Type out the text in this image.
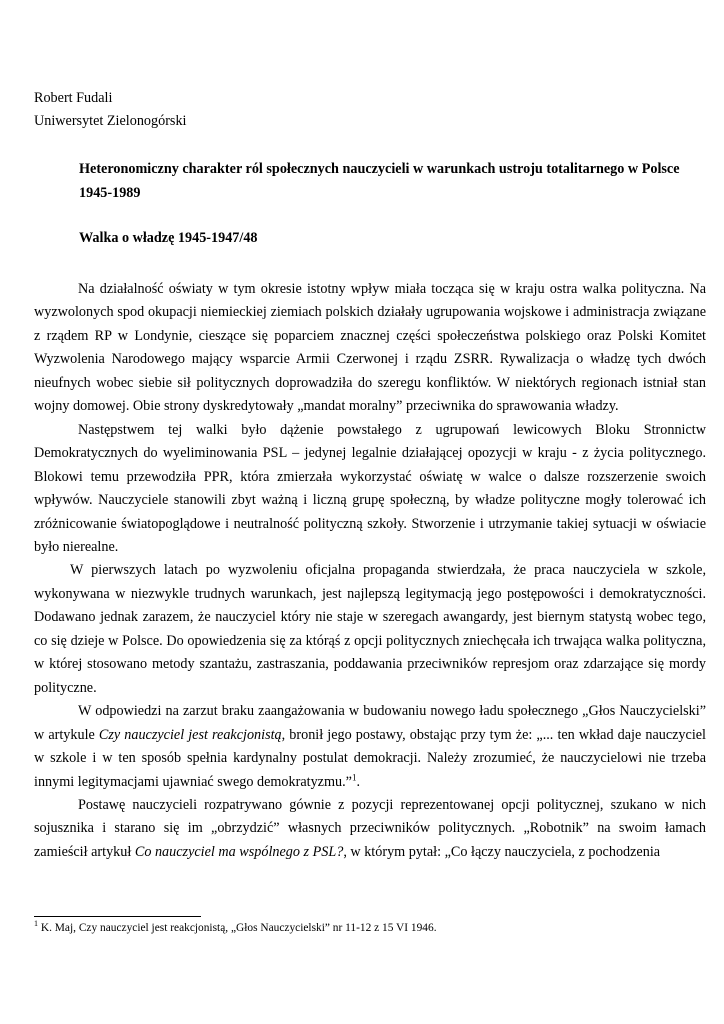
Robert Fudali
Uniwersytet Zielonogórski
Heteronomiczny charakter ról społecznych nauczycieli w warunkach ustroju totalitarnego w Polsce 1945-1989
Walka o władzę 1945-1947/48

Na działalność oświaty w tym okresie istotny wpływ miała tocząca się w kraju ostra walka polityczna. Na wyzwolonych spod okupacji niemieckiej ziemiach polskich działały ugrupowania wojskowe i administracja związane z rządem RP w Londynie, cieszące się poparciem znacznej części społeczeństwa polskiego oraz Polski Komitet Wyzwolenia Narodowego mający wsparcie Armii Czerwonej i rządu ZSRR. Rywalizacja o władzę tych dwóch nieufnych wobec siebie sił politycznych doprowadziła do szeregu konfliktów. W niektórych regionach istniał stan wojny domowej. Obie strony dyskredytowały „mandat moralny” przeciwnika do sprawowania władzy.

Następstwem tej walki było dążenie powstałego z ugrupowań lewicowych Bloku Stronnictw Demokratycznych do wyeliminowania PSL – jedynej legalnie działającej opozycji w kraju - z życia politycznego. Blokowi temu przewodziła PPR, która zmierzała wykorzystać oświatę w walce o dalsze rozszerzenie swoich wpływów. Nauczyciele stanowili zbyt ważną i liczną grupę społeczną, by władze polityczne mogły tolerować ich zróżnicowanie światopoglądowe i neutralność polityczną szkoły. Stworzenie i utrzymanie takiej sytuacji w oświacie było nierealne.

W pierwszych latach po wyzwoleniu oficjalna propaganda stwierdzała, że praca nauczyciela w szkole, wykonywana w niezwykle trudnych warunkach, jest najlepszą legitymacją jego postępowości i demokratyczności. Dodawano jednak zarazem, że nauczyciel który nie staje w szeregach awangardy, jest biernym statystą wobec tego, co się dzieje w Polsce. Do opowiedzenia się za którąś z opcji politycznych zniechęcała ich trwająca walka polityczna, w której stosowano metody szantażu, zastraszania, poddawania przeciwników represjom oraz zdarzające się mordy polityczne.

W odpowiedzi na zarzut braku zaangażowania w budowaniu nowego ładu społecznego „Głos Nauczycielski” w artykule Czy nauczyciel jest reakcjonistą, bronił jego postawy, obstając przy tym że: „... ten wkład daje nauczyciel w szkole i w ten sposób spełnia kardynalny postulat demokracji. Należy zrozumieć, że nauczycielowi nie trzeba innymi legitymacjami ujawniać swego demokratyzmu.”$^1$.

Postawę nauczycieli rozpatrywano gównie z pozycji reprezentowanej opcji politycznej, szukano w nich sojusznika i starano się im „obrzydzić” własnych przeciwników politycznych. „Robotnik” na swoim łamach zamieścił artykuł Co nauczyciel ma wspólnego z PSL?, w którym pytał: „Co łączy nauczyciela, z pochodzenia

$^1$ K. Maj, Czy nauczyciel jest reakcjonistą, „Głos Nauczycielski” nr 11-12 z 15 VI 1946.
